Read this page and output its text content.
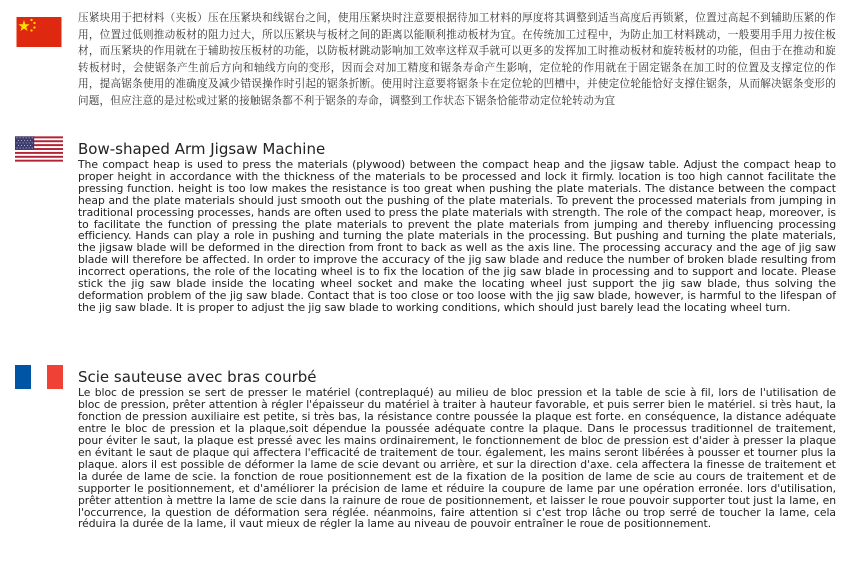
压紧块用于把材料（夹板）压在压紧块和线锯台之间，使用压紧块时注意要根据待加工材料的厚度将其调整到适当高度后再锁紧，位置过高起不到辅助压紧的作用，位置过低则推动板材的阻力过大，所以压紧块与板材之间的距离以能顺利推动板材为宜。在传统加工过程中，为防止加工材料跳动，一般要用手用力按住板材，而压紧块的作用就在于辅助按压板材的功能，以防板材跳动影响加工效率这样双手就可以更多的发挥加工时推动板材和旋转板材的功能，但由于在推动和旋转板材时，会使锯条产生前后方向和轴线方向的变形，因而会对加工精度和锯条寿命产生影响，定位轮的作用就在于固定锯条在加工时的位置及支撑定位的作用，提高锯条使用的准确度及减少错误操作时引起的锯条折断。使用时注意要将锯条卡在定位轮的凹槽中，并使定位轮能恰好支撑住锯条，从而解决锯条变形的问题，但应注意的是过松或过紧的接触锯条都不利于锯条的寿命，调整到工作状态下锯条恰能带动定位轮转动为宜
Bow-shaped Arm Jigsaw Machine
The compact heap is used to press the materials (plywood) between the compact heap and the jigsaw table. Adjust the compact heap to proper height in accordance with the thickness of the materials to be processed and lock it firmly. location is too high cannot facilitate the pressing function. height is too low makes the resistance is too great when pushing the plate materials. The distance between the compact heap and the plate materials should just smooth out the pushing of the plate materials. To prevent the processed materials from jumping in traditional processing processes, hands are often used to press the plate materials with strength. The role of the compact heap, moreover, is to facilitate the function of pressing the plate materials to prevent the plate materials from jumping and thereby influencing processing efficiency. Hands can play a role in pushing and turning the plate materials in the processing. But pushing and turning the plate materials, the jigsaw blade will be deformed in the direction from front to back as well as the axis line. The processing accuracy and the age of jig saw blade will therefore be affected. In order to improve the accuracy of the jig saw blade and reduce the number of broken blade resulting from incorrect operations, the role of the locating wheel is to fix the location of the jig saw blade in processing and to support and locate. Please stick the jig saw blade inside the locating wheel socket and make the locating wheel just support the jig saw blade, thus solving the deformation problem of the jig saw blade. Contact that is too close or too loose with the jig saw blade, however, is harmful to the lifespan of the jig saw blade. It is proper to adjust the jig saw blade to working conditions, which should just barely lead the locating wheel turn.
Scie sauteuse avec bras courbé
Le bloc de pression se sert de presser le matériel (contreplaqué) au milieu de bloc pression et la table de scie à fil, lors de l'utilisation de bloc de pression, prêter attention à régler l'épaisseur du matériel à traiter à hauteur favorable, et puis serrer bien le matériel. si très haut, la fonction de pression auxiliaire est petite, si très bas, la résistance contre poussée la plaque est forte. en conséquence, la distance adéquate entre le bloc de pression et la plaque,soit dépendue la poussée adéquate contre la plaque. Dans le processus traditionnel de traitement, pour éviter le saut, la plaque est pressé avec les mains ordinairement, le fonctionnement de bloc de pression est d'aider à presser la plaque en évitant le saut de plaque qui affectera l'efficacité de traitement de tour. également, les mains seront libérées à pousser et tourner plus la plaque. alors il est possible de déformer la lame de scie devant ou arrière, et sur la direction d'axe. cela affectera la finesse de traitement et la durée de lame de scie. la fonction de roue positionnement est de la fixation de la position de lame de scie au cours de traitement et de supporter le positionnement, et d'améliorer la précision de lame et réduire la coupure de lame par une opération erronée. lors d'utilisation, prêter attention à mettre la lame de scie dans la rainure de roue de positionnement, et laisser le roue pouvoir supporter tout just la lame, en l'occurrence, la question de déformation sera réglée. néanmoins, faire attention si c'est trop lâche ou trop serré de toucher la lame, cela réduira la durée de la lame, il vaut mieux de régler la lame au niveau de pouvoir entraîner le roue de positionnement.
